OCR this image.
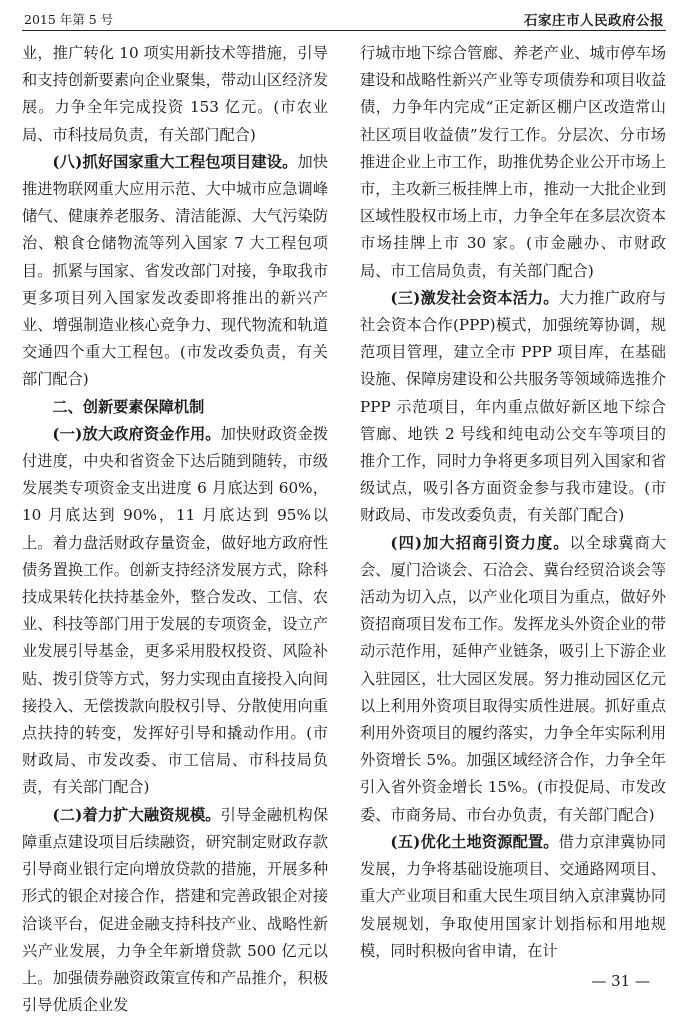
2015 年第 5 号	石家庄市人民政府公报

业，推广转化 10 项实用新技术等措施，引导和支持创新要素向企业聚集，带动山区经济发展。力争全年完成投资 153 亿元。(市农业局、市科技局负责，有关部门配合)

(八)抓好国家重大工程包项目建设。加快推进物联网重大应用示范、大中城市应急调峰储气、健康养老服务、清洁能源、大气污染防治、粮食仓储物流等列入国家 7 大工程包项目。抓紧与国家、省发改部门对接，争取我市更多项目列入国家发改委即将推出的新兴产业、增强制造业核心竞争力、现代物流和轨道交通四个重大工程包。(市发改委负责，有关部门配合)

二、创新要素保障机制

(一)放大政府资金作用。加快财政资金拨付进度，中央和省资金下达后随到随转，市级发展类专项资金支出进度 6 月底达到 60%，10 月底达到 90%，11 月底达到 95%以上。着力盘活财政存量资金，做好地方政府性债务置换工作。创新支持经济发展方式，除科技成果转化扶持基金外，整合发改、工信、农业、科技等部门用于发展的专项资金，设立产业发展引导基金，更多采用股权投资、风险补贴、拨引贷等方式，努力实现由直接投入向间接投入、无偿拨款向股权引导、分散使用向重点扶持的转变，发挥好引导和撬动作用。(市财政局、市发改委、市工信局、市科技局负责，有关部门配合)

(二)着力扩大融资规模。引导金融机构保障重点建设项目后续融资，研究制定财政存款引导商业银行定向增放贷款的措施，开展多种形式的银企对接合作，搭建和完善政银企对接洽谈平台，促进金融支持科技产业、战略性新兴产业发展，力争全年新增贷款 500 亿元以上。加强债券融资政策宣传和产品推介，积极引导优质企业发

行城市地下综合管廊、养老产业、城市停车场建设和战略性新兴产业等专项债券和项目收益债，力争年内完成“正定新区棚户区改造常山社区项目收益债”发行工作。分层次、分市场推进企业上市工作，助推优势企业公开市场上市，主攻新三板挂牌上市，推动一大批企业到区域性股权市场上市，力争全年在多层次资本市场挂牌上市 30 家。(市金融办、市财政局、市工信局负责，有关部门配合)

(三)激发社会资本活力。大力推广政府与社会资本合作(PPP)模式，加强统筹协调，规范项目管理，建立全市 PPP 项目库，在基础设施、保障房建设和公共服务等领域筛选推介 PPP 示范项目，年内重点做好新区地下综合管廊、地铁 2 号线和纯电动公交车等项目的推介工作，同时力争将更多项目列入国家和省级试点，吸引各方面资金参与我市建设。(市财政局、市发改委负责，有关部门配合)

(四)加大招商引资力度。以全球冀商大会、厦门洽谈会、石洽会、冀台经贸洽谈会等活动为切入点，以产业化项目为重点，做好外资招商项目发布工作。发挥龙头外资企业的带动示范作用，延伸产业链条，吸引上下游企业入驻园区，壮大园区发展。努力推动园区亿元以上利用外资项目取得实质性进展。抓好重点利用外资项目的履约落实，力争全年实际利用外资增长 5%。加强区域经济合作，力争全年引入省外资金增长 15%。(市投促局、市发改委、市商务局、市台办负责，有关部门配合)

(五)优化土地资源配置。借力京津冀协同发展，力争将基础设施项目、交通路网项目、重大产业项目和重大民生项目纳入京津冀协同发展规划，争取使用国家计划指标和用地规模，同时积极向省申请，在计

— 31 —
